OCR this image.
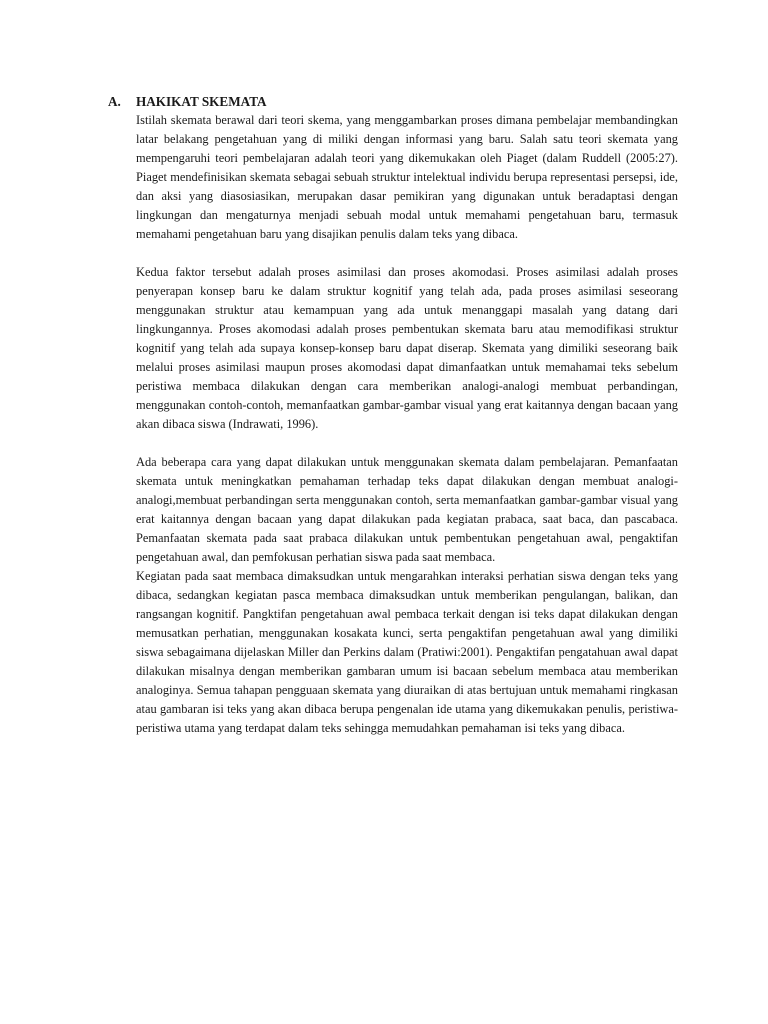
A. HAKIKAT SKEMATA

Istilah skemata berawal dari teori skema, yang menggambarkan proses dimana pembelajar membandingkan latar belakang pengetahuan yang di miliki dengan informasi yang baru. Salah satu teori skemata yang mempengaruhi teori pembelajaran adalah teori yang dikemukakan oleh Piaget (dalam Ruddell (2005:27). Piaget mendefinisikan skemata sebagai sebuah struktur intelektual individu berupa representasi persepsi, ide, dan aksi yang diasosiasikan, merupakan dasar pemikiran yang digunakan untuk beradaptasi dengan lingkungan dan mengaturnya menjadi sebuah modal untuk memahami pengetahuan baru, termasuk memahami pengetahuan baru yang disajikan penulis dalam teks yang dibaca.

Kedua faktor tersebut adalah proses asimilasi dan proses akomodasi. Proses asimilasi adalah proses penyerapan konsep baru ke dalam struktur kognitif yang telah ada, pada proses asimilasi seseorang menggunakan struktur atau kemampuan yang ada untuk menanggapi masalah yang datang dari lingkungannya. Proses akomodasi adalah proses pembentukan skemata baru atau memodifikasi struktur kognitif yang telah ada supaya konsep-konsep baru dapat diserap. Skemata yang dimiliki seseorang baik melalui proses asimilasi maupun proses akomodasi dapat dimanfaatkan untuk memahamai teks sebelum peristiwa membaca dilakukan dengan cara memberikan analogi-analogi membuat perbandingan, menggunakan contoh-contoh, memanfaatkan gambar-gambar visual yang erat kaitannya dengan bacaan yang akan dibaca siswa (Indrawati, 1996).

Ada beberapa cara yang dapat dilakukan untuk menggunakan skemata dalam pembelajaran. Pemanfaatan skemata untuk meningkatkan pemahaman terhadap teks dapat dilakukan dengan membuat analogi-analogi,membuat perbandingan serta menggunakan contoh, serta memanfaatkan gambar-gambar visual yang erat kaitannya dengan bacaan yang dapat dilakukan pada kegiatan prabaca, saat baca, dan pascabaca. Pemanfaatan skemata pada saat prabaca dilakukan untuk pembentukan pengetahuan awal, pengaktifan pengetahuan awal, dan pemfokusan perhatian siswa pada saat membaca.

Kegiatan pada saat membaca dimaksudkan untuk mengarahkan interaksi perhatian siswa dengan teks yang dibaca, sedangkan kegiatan pasca membaca dimaksudkan untuk memberikan pengulangan, balikan, dan rangsangan kognitif. Pangktifan pengetahuan awal pembaca terkait dengan isi teks dapat dilakukan dengan memusatkan perhatian, menggunakan kosakata kunci, serta pengaktifan pengetahuan awal yang dimiliki siswa sebagaimana dijelaskan Miller dan Perkins dalam (Pratiwi:2001). Pengaktifan pengatahuan awal dapat dilakukan misalnya dengan memberikan gambaran umum isi bacaan sebelum membaca atau memberikan analoginya. Semua tahapan pengguaan skemata yang diuraikan di atas bertujuan untuk memahami ringkasan atau gambaran isi teks yang akan dibaca berupa pengenalan ide utama yang dikemukakan penulis, peristiwa-peristiwa utama yang terdapat dalam teks sehingga memudahkan pemahaman isi teks yang dibaca.
